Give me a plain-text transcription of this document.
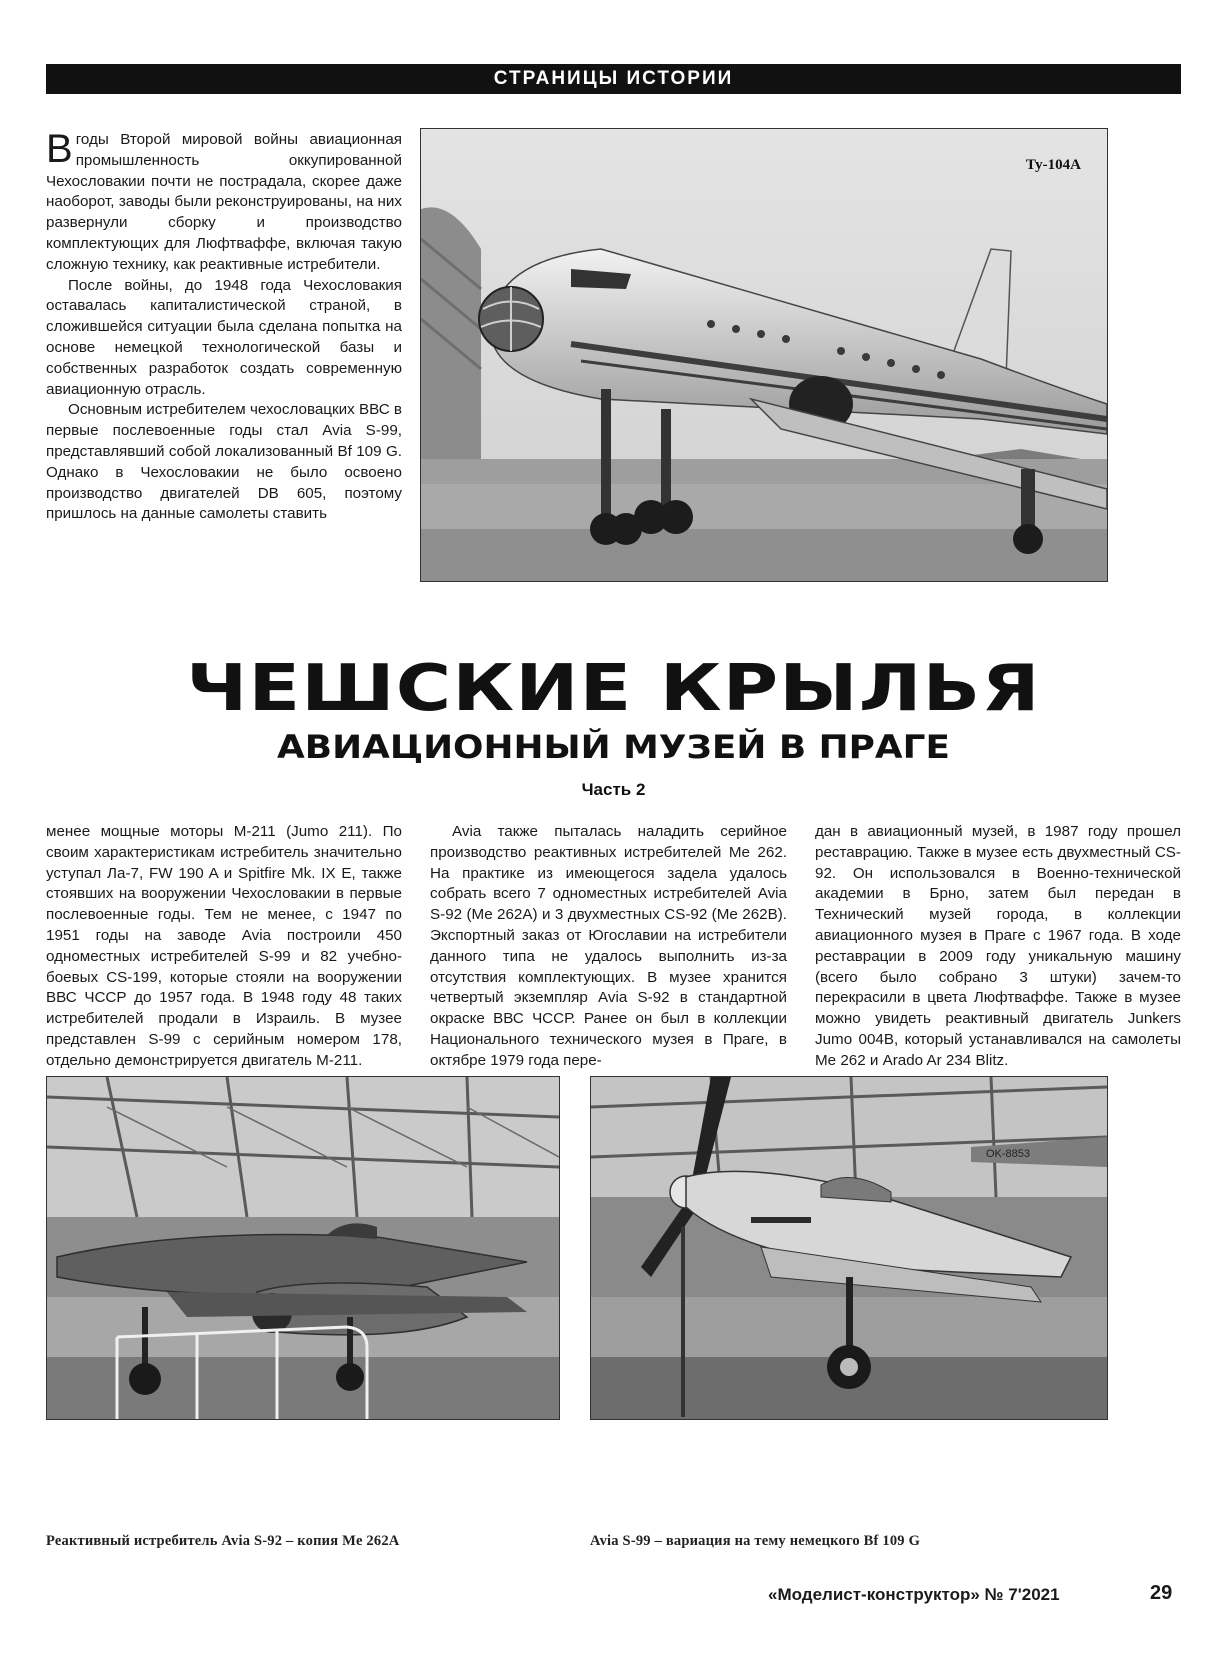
СТРАНИЦЫ ИСТОРИИ

Вгоды Второй мировой войны авиационная промышленность оккупированной Чехословакии почти не пострадала, скорее даже наоборот, заводы были реконструированы, на них развернули сборку и производство комплектующих для Люфтваффе, включая такую сложную технику, как реактивные истребители.

После войны, до 1948 года Чехословакия оставалась капиталистической страной, в сложившейся ситуации была сделана попытка на основе немецкой технологической базы и собственных разработок создать современную авиационную отрасль.

Основным истребителем чехословацких ВВС в первые послевоенные годы стал Avia S-99, представлявший собой локализованный Bf 109 G. Однако в Чехословакии не было освоено производство двигателей DB 605, поэтому пришлось на данные самолеты ставить

Ту-104А
ЧЕШСКИЕ КРЫЛЬЯ
АВИАЦИОННЫЙ МУЗЕЙ В ПРАГЕ
Часть 2

менее мощные моторы М-211 (Jumo 211). По своим характеристикам истребитель значительно уступал Ла-7, FW 190 A и Spitfire Mk. IX E, также стоявших на вооружении Чехословакии в первые послевоенные годы. Тем не менее, с 1947 по 1951 годы на заводе Avia построили 450 одноместных истребителей S-99 и 82 учебно-боевых CS-199, которые стояли на вооружении ВВС ЧССР до 1957 года. В 1948 году 48 таких истребителей продали в Израиль. В музее представлен S-99 с серийным номером 178, отдельно демонстрируется двигатель М-211.

Avia также пыталась наладить серийное производство реактивных истребителей Me 262. На практике из имеющегося задела удалось собрать всего 7 одноместных истребителей Avia S-92 (Me 262A) и 3 двухместных CS-92 (Me 262B). Экспортный заказ от Югославии на истребители данного типа не удалось выполнить из-за отсутствия комплектующих. В музее хранится четвертый экземпляр Avia S-92 в стандартной окраске ВВС ЧССР. Ранее он был в коллекции Национального технического музея в Праге, в октябре 1979 года пере-

дан в авиационный музей, в 1987 году прошел реставрацию. Также в музее есть двухместный CS-92. Он использовался в Военно-технической академии в Брно, затем был передан в Технический музей города, в коллекции авиационного музея в Праге с 1967 года. В ходе реставрации в 2009 году уникальную машину (всего было собрано 3 штуки) зачем-то перекрасили в цвета Люфтваффе. Также в музее можно увидеть реактивный двигатель Junkers Jumo 004B, который устанавливался на самолеты Me 262 и Arado Ar 234 Blitz.

OK-8853
Реактивный истребитель Avia S-92 – копия Me 262A	Avia S-99 – вариация на тему немецкого Bf 109 G
«Моделист-конструктор» № 7'2021	29
